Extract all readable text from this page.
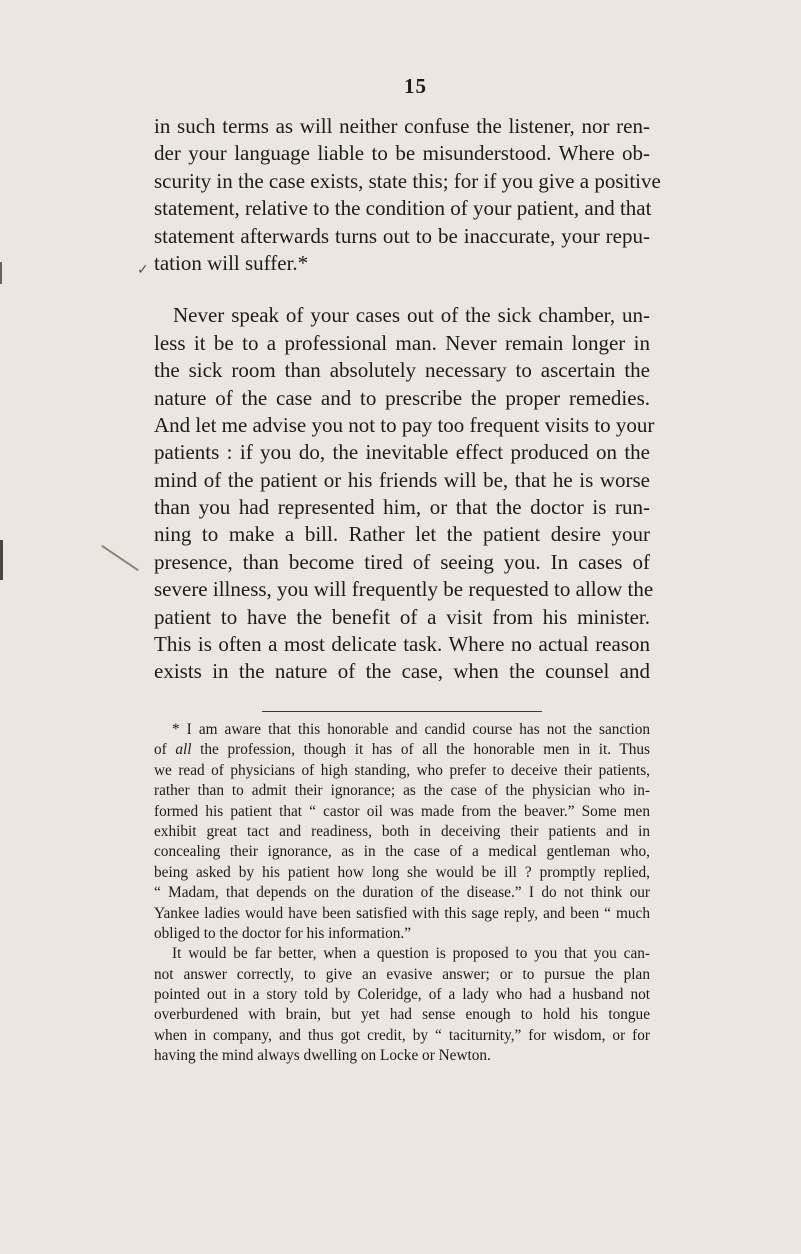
15
✓
in such terms as will neither confuse the listener, nor ren-
der your language liable to be misunderstood. Where ob-
scurity in the case exists, state this; for if you give a positive
statement, relative to the condition of your patient, and that
statement afterwards turns out to be inaccurate, your repu-
tation will suffer.*
Never speak of your cases out of the sick chamber, un-
less it be to a professional man. Never remain longer in
the sick room than absolutely necessary to ascertain the
nature of the case and to prescribe the proper remedies.
And let me advise you not to pay too frequent visits to your
patients : if you do, the inevitable effect produced on the
mind of the patient or his friends will be, that he is worse
than you had represented him, or that the doctor is run-
ning to make a bill. Rather let the patient desire your
presence, than become tired of seeing you. In cases of
severe illness, you will frequently be requested to allow the
patient to have the benefit of a visit from his minister.
This is often a most delicate task. Where no actual reason
exists in the nature of the case, when the counsel and
* I am aware that this honorable and candid course has not the sanction
of all the profession, though it has of all the honorable men in it. Thus
we read of physicians of high standing, who prefer to deceive their patients,
rather than to admit their ignorance; as the case of the physician who in-
formed his patient that “ castor oil was made from the beaver.” Some men
exhibit great tact and readiness, both in deceiving their patients and in
concealing their ignorance, as in the case of a medical gentleman who,
being asked by his patient how long she would be ill ? promptly replied,
“ Madam, that depends on the duration of the disease.” I do not think our
Yankee ladies would have been satisfied with this sage reply, and been “ much
obliged to the doctor for his information.”
It would be far better, when a question is proposed to you that you can-
not answer correctly, to give an evasive answer; or to pursue the plan
pointed out in a story told by Coleridge, of a lady who had a husband not
overburdened with brain, but yet had sense enough to hold his tongue
when in company, and thus got credit, by “ taciturnity,” for wisdom, or for
having the mind always dwelling on Locke or Newton.
